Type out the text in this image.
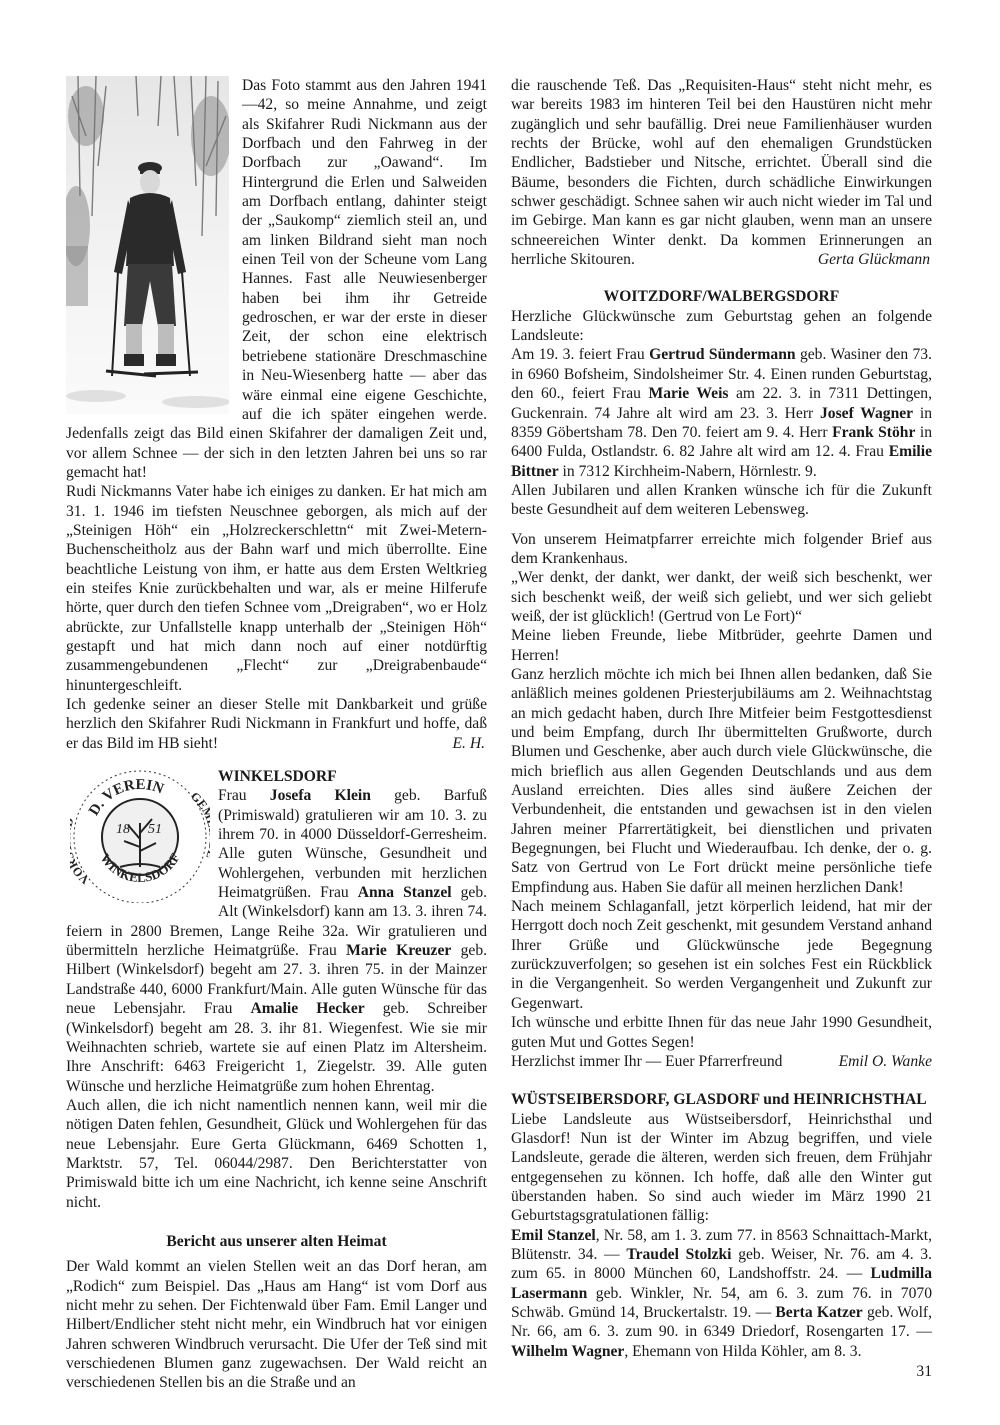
Das Foto stammt aus den Jahren 1941—42, so meine Annahme, und zeigt als Skifahrer Rudi Nickmann aus der Dorfbach und den Fahrweg in der Dorfbach zur „Oawand“. Im Hintergrund die Erlen und Salweiden am Dorfbach entlang, dahinter steigt der „Saukomp“ ziemlich steil an, und am linken Bildrand sieht man noch einen Teil von der Scheune vom Lang Hannes. Fast alle Neuwiesenberger haben bei ihm ihr Getreide gedroschen, er war der erste in dieser Zeit, der schon eine elektrisch betriebene stationäre Dreschmaschine in Neu-Wiesenberg hatte — aber das wäre einmal eine eigene Geschichte, auf die ich später eingehen werde. Jedenfalls zeigt das Bild einen Skifahrer der damaligen Zeit und, vor allem Schnee — der sich in den letzten Jahren bei uns so rar gemacht hat!

Rudi Nickmanns Vater habe ich einiges zu danken. Er hat mich am 31. 1. 1946 im tiefsten Neuschnee geborgen, als mich auf der „Steinigen Höh“ ein „Holzreckerschlettn“ mit Zwei-Metern-Buchenscheitholz aus der Bahn warf und mich überrollte. Eine beachtliche Leistung von ihm, er hatte aus dem Ersten Weltkrieg ein steifes Knie zurückbehalten und war, als er meine Hilferufe hörte, quer durch den tiefen Schnee vom „Dreigraben“, wo er Holz abrückte, zur Unfallstelle knapp unterhalb der „Steinigen Höh“ gestapft und hat mich dann noch auf einer notdürftig zusammengebundenen „Flecht“ zur „Dreigrabenbaude“ hinuntergeschleift.

Ich gedenke seiner an dieser Stelle mit Dankbarkeit und grüße herzlich den Skifahrer Rudi Nickmann in Frankfurt und hoffe, daß er das Bild im HB sieht!	E. H.

18 51
D. VEREIN
VO
GE
WINKELSDORF

WINKELSDORF

Frau Josefa Klein geb. Barfuß (Primiswald) gratulieren wir am 10. 3. zu ihrem 70. in 4000 Düsseldorf-Gerresheim. Alle guten Wünsche, Gesundheit und Wohlergehen, verbunden mit herzlichen Heimatgrüßen. Frau Anna Stanzel geb. Alt (Winkelsdorf) kann am 13. 3. ihren 74. feiern in 2800 Bremen, Lange Reihe 32a. Wir gratulieren und übermitteln herzliche Heimatgrüße. Frau Marie Kreuzer geb. Hilbert (Winkelsdorf) begeht am 27. 3. ihren 75. in der Mainzer Landstraße 440, 6000 Frankfurt/Main. Alle guten Wünsche für das neue Lebensjahr. Frau Amalie Hecker geb. Schreiber (Winkelsdorf) begeht am 28. 3. ihr 81. Wiegenfest. Wie sie mir Weihnachten schrieb, wartete sie auf einen Platz im Altersheim. Ihre Anschrift: 6463 Freigericht 1, Ziegelstr. 39. Alle guten Wünsche und herzliche Heimatgrüße zum hohen Ehrentag.

Auch allen, die ich nicht namentlich nennen kann, weil mir die nötigen Daten fehlen, Gesundheit, Glück und Wohlergehen für das neue Lebensjahr. Eure Gerta Glückmann, 6469 Schotten 1, Marktstr. 57, Tel. 06044/2987. Den Berichterstatter von Primiswald bitte ich um eine Nachricht, ich kenne seine Anschrift nicht.

Bericht aus unserer alten Heimat

Der Wald kommt an vielen Stellen weit an das Dorf heran, am „Rodich“ zum Beispiel. Das „Haus am Hang“ ist vom Dorf aus nicht mehr zu sehen. Der Fichtenwald über Fam. Emil Langer und Hilbert/Endlicher steht nicht mehr, ein Windbruch hat vor einigen Jahren schweren Windbruch verursacht. Die Ufer der Teß sind mit verschiedenen Blumen ganz zugewachsen. Der Wald reicht an verschiedenen Stellen bis an die Straße und an

die rauschende Teß. Das „Requisiten-Haus“ steht nicht mehr, es war bereits 1983 im hinteren Teil bei den Haustüren nicht mehr zugänglich und sehr baufällig. Drei neue Familienhäuser wurden rechts der Brücke, wohl auf den ehemaligen Grundstücken Endlicher, Badstieber und Nitsche, errichtet. Überall sind die Bäume, besonders die Fichten, durch schädliche Einwirkungen schwer geschädigt. Schnee sahen wir auch nicht wieder im Tal und im Gebirge. Man kann es gar nicht glauben, wenn man an unsere schneereichen Winter denkt. Da kommen Erinnerungen an herrliche Skitouren.	Gerta Glückmann

WOITZDORF/WALBERGSDORF

Herzliche Glückwünsche zum Geburtstag gehen an folgende Landsleute:

Am 19. 3. feiert Frau Gertrud Sündermann geb. Wasiner den 73. in 6960 Bofsheim, Sindolsheimer Str. 4. Einen runden Geburtstag, den 60., feiert Frau Marie Weis am 22. 3. in 7311 Dettingen, Guckenrain. 74 Jahre alt wird am 23. 3. Herr Josef Wagner in 8359 Göbertsham 78. Den 70. feiert am 9. 4. Herr Frank Stöhr in 6400 Fulda, Ostlandstr. 6. 82 Jahre alt wird am 12. 4. Frau Emilie Bittner in 7312 Kirchheim-Nabern, Hörnlestr. 9.

Allen Jubilaren und allen Kranken wünsche ich für die Zukunft beste Gesundheit auf dem weiteren Lebensweg.

Von unserem Heimatpfarrer erreichte mich folgender Brief aus dem Krankenhaus.

„Wer denkt, der dankt, wer dankt, der weiß sich beschenkt, wer sich beschenkt weiß, der weiß sich geliebt, und wer sich geliebt weiß, der ist glücklich! (Gertrud von Le Fort)“

Meine lieben Freunde, liebe Mitbrüder, geehrte Damen und Herren!

Ganz herzlich möchte ich mich bei Ihnen allen bedanken, daß Sie anläßlich meines goldenen Priesterjubiläums am 2. Weihnachtstag an mich gedacht haben, durch Ihre Mitfeier beim Festgottesdienst und beim Empfang, durch Ihr übermittelten Grußworte, durch Blumen und Geschenke, aber auch durch viele Glückwünsche, die mich brieflich aus allen Gegenden Deutschlands und aus dem Ausland erreichten. Dies alles sind äußere Zeichen der Verbundenheit, die entstanden und gewachsen ist in den vielen Jahren meiner Pfarrertätigkeit, bei dienstlichen und privaten Begegnungen, bei Flucht und Wiederaufbau. Ich denke, der o. g. Satz von Gertrud von Le Fort drückt meine persönliche tiefe Empfindung aus. Haben Sie dafür all meinen herzlichen Dank!

Nach meinem Schlaganfall, jetzt körperlich leidend, hat mir der Herrgott doch noch Zeit geschenkt, mit gesundem Verstand anhand Ihrer Grüße und Glückwünsche jede Begegnung zurückzuverfolgen; so gesehen ist ein solches Fest ein Rückblick in die Vergangenheit. So werden Vergangenheit und Zukunft zur Gegenwart.

Ich wünsche und erbitte Ihnen für das neue Jahr 1990 Gesundheit, guten Mut und Gottes Segen!

Herzlichst immer Ihr — Euer Pfarrerfreund	Emil O. Wanke

WÜSTSEIBERSDORF, GLASDORF und HEINRICHSTHAL

Liebe Landsleute aus Wüstseibersdorf, Heinrichsthal und Glasdorf! Nun ist der Winter im Abzug begriffen, und viele Landsleute, gerade die älteren, werden sich freuen, dem Frühjahr entgegensehen zu können. Ich hoffe, daß alle den Winter gut überstanden haben. So sind auch wieder im März 1990 21 Geburtstagsgratulationen fällig:

Emil Stanzel, Nr. 58, am 1. 3. zum 77. in 8563 Schnaittach-Markt, Blütenstr. 34. — Traudel Stolzki geb. Weiser, Nr. 76. am 4. 3. zum 65. in 8000 München 60, Landshoffstr. 24. — Ludmilla Lasermann geb. Winkler, Nr. 54, am 6. 3. zum 76. in 7070 Schwäb. Gmünd 14, Bruckertalstr. 19. — Berta Katzer geb. Wolf, Nr. 66, am 6. 3. zum 90. in 6349 Driedorf, Rosengarten 17. — Wilhelm Wagner, Ehemann von Hilda Köhler, am 8. 3.

31
